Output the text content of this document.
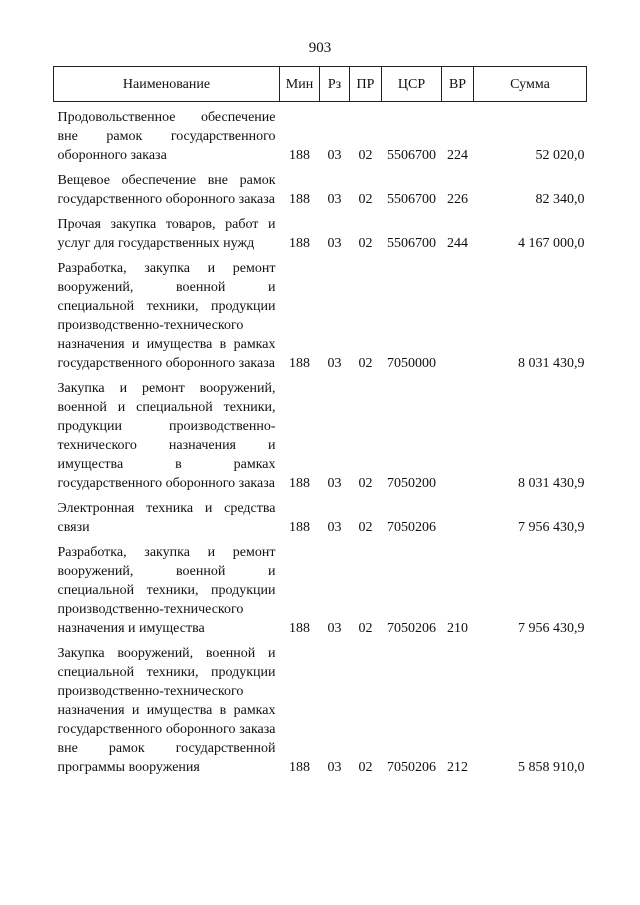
903
Наименование	Мин	Рз	ПР	ЦСР	ВР	Сумма
Продовольственное обеспечение вне рамок государственного оборонного заказа	188	03	02	5506700	224	52 020,0
Вещевое обеспечение вне рамок государственного оборонного заказа	188	03	02	5506700	226	82 340,0
Прочая закупка товаров, работ и услуг для государственных нужд	188	03	02	5506700	244	4 167 000,0
Разработка, закупка и ремонт вооружений, военной и специальной техники, продукции производственно-технического назначения и имущества в рамках государственного оборонного заказа	188	03	02	7050000		8 031 430,9
Закупка и ремонт вооружений, военной и специальной техники, продукции производственно-технического назначения и имущества в рамках государственного оборонного заказа	188	03	02	7050200		8 031 430,9
Электронная техника и средства связи	188	03	02	7050206		7 956 430,9
Разработка, закупка и ремонт вооружений, военной и специальной техники, продукции производственно-технического назначения и имущества	188	03	02	7050206	210	7 956 430,9
Закупка вооружений, военной и специальной техники, продукции производственно-технического назначения и имущества в рамках государственного оборонного заказа вне рамок государственной программы вооружения	188	03	02	7050206	212	5 858 910,0
